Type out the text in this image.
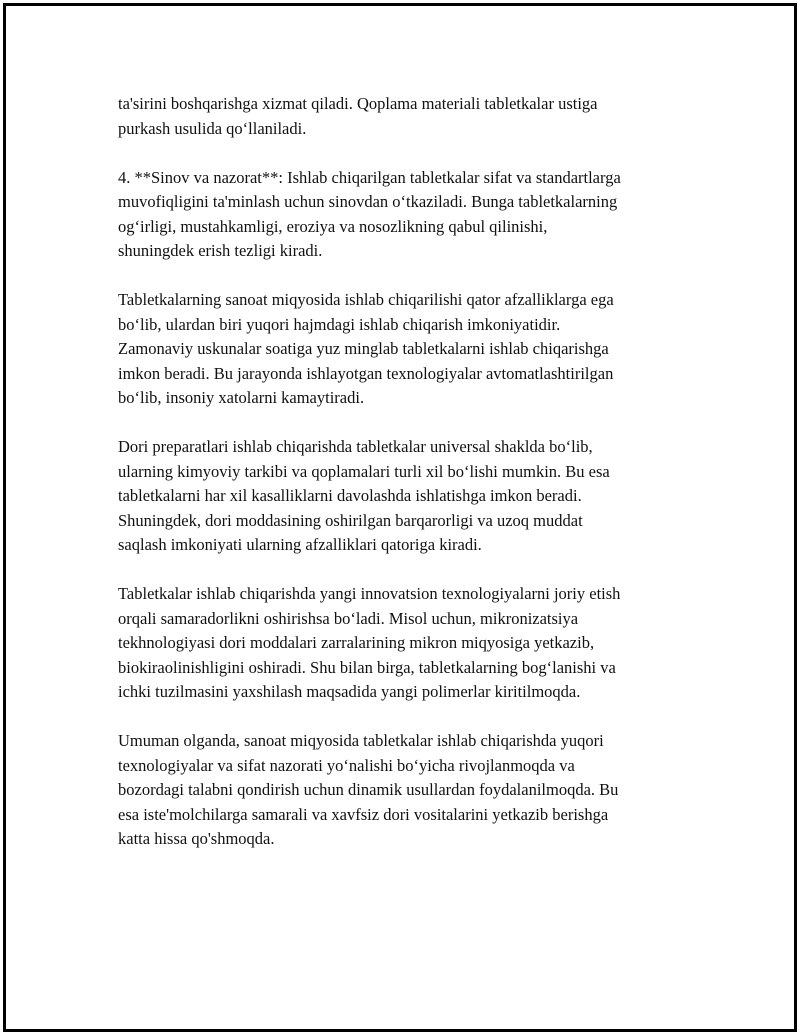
ta'sirini boshqarishga xizmat qiladi. Qoplama materiali tabletkalar ustiga
purkash usulida qo‘llaniladi.

4. **Sinov va nazorat**: Ishlab chiqarilgan tabletkalar sifat va standartlarga
muvofiqligini ta'minlash uchun sinovdan o‘tkaziladi. Bunga tabletkalarning
og‘irligi, mustahkamligi, eroziya va nosozlikning qabul qilinishi,
shuningdek erish tezligi kiradi.

Tabletkalarning sanoat miqyosida ishlab chiqarilishi qator afzalliklarga ega
bo‘lib, ulardan biri yuqori hajmdagi ishlab chiqarish imkoniyatidir.
Zamonaviy uskunalar soatiga yuz minglab tabletkalarni ishlab chiqarishga
imkon beradi. Bu jarayonda ishlayotgan texnologiyalar avtomatlashtirilgan
bo‘lib, insoniy xatolarni kamaytiradi.

Dori preparatlari ishlab chiqarishda tabletkalar universal shaklda bo‘lib,
ularning kimyoviy tarkibi va qoplamalari turli xil bo‘lishi mumkin. Bu esa
tabletkalarni har xil kasalliklarni davolashda ishlatishga imkon beradi.
Shuningdek, dori moddasining oshirilgan barqarorligi va uzoq muddat
saqlash imkoniyati ularning afzalliklari qatoriga kiradi.

Tabletkalar ishlab chiqarishda yangi innovatsion texnologiyalarni joriy etish
orqali samaradorlikni oshirishsa bo‘ladi. Misol uchun, mikronizatsiya
tekhnologiyasi dori moddalari zarralarining mikron miqyosiga yetkazib,
biokiraolinishligini oshiradi. Shu bilan birga, tabletkalarning bog‘lanishi va
ichki tuzilmasini yaxshilash maqsadida yangi polimerlar kiritilmoqda.

Umuman olganda, sanoat miqyosida tabletkalar ishlab chiqarishda yuqori
texnologiyalar va sifat nazorati yo‘nalishi bo‘yicha rivojlanmoqda va
bozordagi talabni qondirish uchun dinamik usullardan foydalanilmoqda. Bu
esa iste'molchilarga samarali va xavfsiz dori vositalarini yetkazib berishga
katta hissa qo'shmoqda.
